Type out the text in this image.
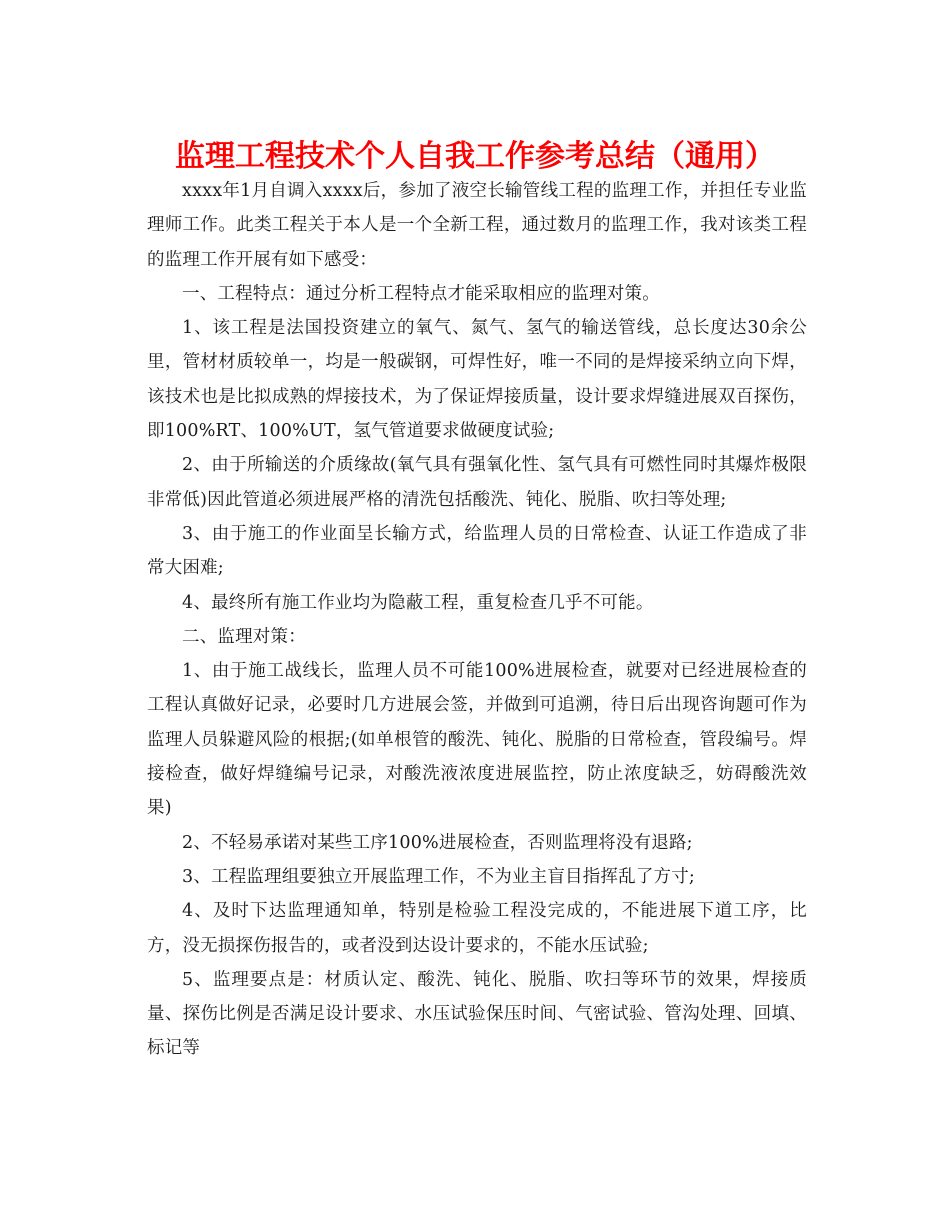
监理工程技术个人自我工作参考总结（通用）

xxxx年1月自调入xxxx后，参加了液空长输管线工程的监理工作，并担任专业监理师工作。此类工程关于本人是一个全新工程，通过数月的监理工作，我对该类工程的监理工作开展有如下感受：

一、工程特点：通过分析工程特点才能采取相应的监理对策。

1、该工程是法国投资建立的氧气、氮气、氢气的输送管线，总长度达30余公里，管材材质较单一，均是一般碳钢，可焊性好，唯一不同的是焊接采纳立向下焊，该技术也是比拟成熟的焊接技术，为了保证焊接质量，设计要求焊缝进展双百探伤，即100%RT、100%UT，氢气管道要求做硬度试验;

2、由于所输送的介质缘故(氧气具有强氧化性、氢气具有可燃性同时其爆炸极限非常低)因此管道必须进展严格的清洗包括酸洗、钝化、脱脂、吹扫等处理;

3、由于施工的作业面呈长输方式，给监理人员的日常检查、认证工作造成了非常大困难;

4、最终所有施工作业均为隐蔽工程，重复检查几乎不可能。

二、监理对策：

1、由于施工战线长，监理人员不可能100%进展检查，就要对已经进展检查的工程认真做好记录，必要时几方进展会签，并做到可追溯，待日后出现咨询题可作为监理人员躲避风险的根据;(如单根管的酸洗、钝化、脱脂的日常检查，管段编号。焊接检查，做好焊缝编号记录，对酸洗液浓度进展监控，防止浓度缺乏，妨碍酸洗效果)

2、不轻易承诺对某些工序100%进展检查，否则监理将没有退路;

3、工程监理组要独立开展监理工作，不为业主盲目指挥乱了方寸;

4、及时下达监理通知单，特别是检验工程没完成的，不能进展下道工序，比方，没无损探伤报告的，或者没到达设计要求的，不能水压试验;

5、监理要点是：材质认定、酸洗、钝化、脱脂、吹扫等环节的效果，焊接质量、探伤比例是否满足设计要求、水压试验保压时间、气密试验、管沟处理、回填、标记等
